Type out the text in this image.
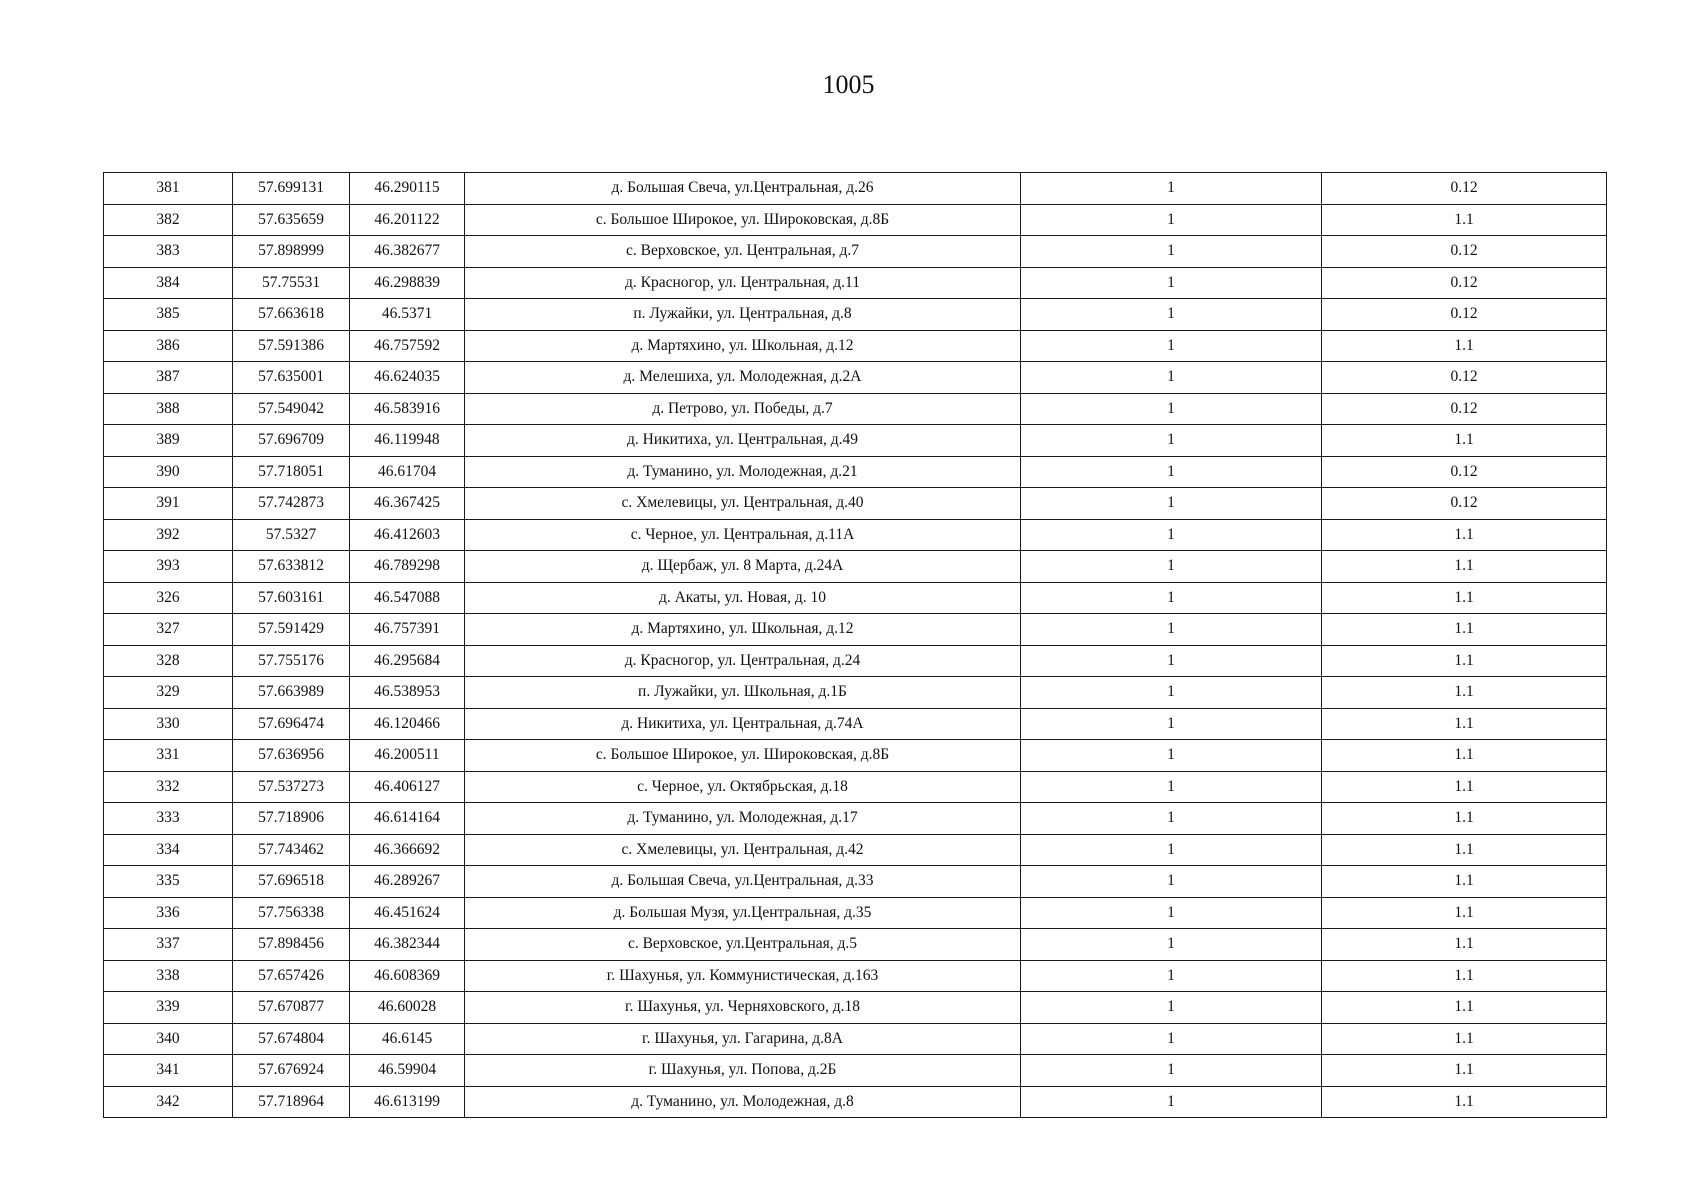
1005
381	57.699131	46.290115	д. Большая Свеча, ул.Центральная, д.26	1	0.12
382	57.635659	46.201122	с. Большое Широкое, ул. Широковская, д.8Б	1	1.1
383	57.898999	46.382677	с. Верховское, ул. Центральная, д.7	1	0.12
384	57.75531	46.298839	д. Красногор, ул. Центральная, д.11	1	0.12
385	57.663618	46.5371	п. Лужайки, ул. Центральная, д.8	1	0.12
386	57.591386	46.757592	д. Мартяхино, ул. Школьная, д.12	1	1.1
387	57.635001	46.624035	д. Мелешиха, ул. Молодежная, д.2А	1	0.12
388	57.549042	46.583916	д. Петрово, ул. Победы, д.7	1	0.12
389	57.696709	46.119948	д. Никитиха, ул. Центральная, д.49	1	1.1
390	57.718051	46.61704	д. Туманино, ул. Молодежная, д.21	1	0.12
391	57.742873	46.367425	с. Хмелевицы, ул. Центральная, д.40	1	0.12
392	57.5327	46.412603	с. Черное, ул. Центральная, д.11А	1	1.1
393	57.633812	46.789298	д. Щербаж, ул. 8 Марта, д.24А	1	1.1
326	57.603161	46.547088	д. Акаты, ул. Новая, д. 10	1	1.1
327	57.591429	46.757391	д. Мартяхино, ул. Школьная, д.12	1	1.1
328	57.755176	46.295684	д. Красногор, ул. Центральная, д.24	1	1.1
329	57.663989	46.538953	п. Лужайки, ул. Школьная, д.1Б	1	1.1
330	57.696474	46.120466	д. Никитиха, ул. Центральная, д.74А	1	1.1
331	57.636956	46.200511	с. Большое Широкое, ул. Широковская, д.8Б	1	1.1
332	57.537273	46.406127	с. Черное, ул. Октябрьская, д.18	1	1.1
333	57.718906	46.614164	д. Туманино, ул. Молодежная, д.17	1	1.1
334	57.743462	46.366692	с. Хмелевицы, ул. Центральная, д.42	1	1.1
335	57.696518	46.289267	д. Большая Свеча, ул.Центральная, д.33	1	1.1
336	57.756338	46.451624	д. Большая Музя, ул.Центральная, д.35	1	1.1
337	57.898456	46.382344	с. Верховское, ул.Центральная, д.5	1	1.1
338	57.657426	46.608369	г. Шахунья, ул. Коммунистическая, д.163	1	1.1
339	57.670877	46.60028	г. Шахунья, ул. Черняховского, д.18	1	1.1
340	57.674804	46.6145	г. Шахунья, ул. Гагарина, д.8А	1	1.1
341	57.676924	46.59904	г. Шахунья, ул. Попова, д.2Б	1	1.1
342	57.718964	46.613199	д. Туманино, ул. Молодежная, д.8	1	1.1
